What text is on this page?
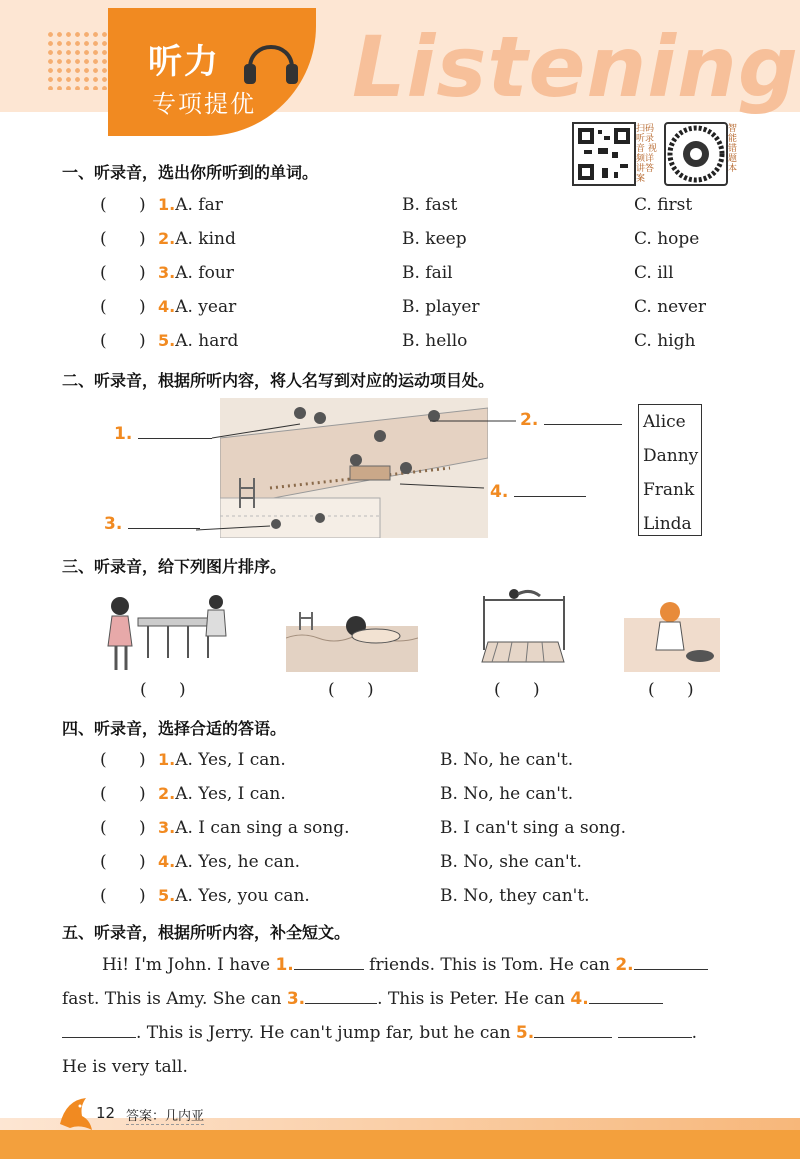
Listening
听力
专项提优
扫码听录音 视频详讲答案
智能错题本
一、听录音，选出你所听到的单词。
(      ) 1.A. far	B. fast	C. first
(      ) 2.A. kind	B. keep	C. hope
(      ) 3.A. four	B. fail	C. ill
(      ) 4.A. year	B. player	C. never
(      ) 5.A. hard	B. hello	C. high
二、听录音，根据所听内容，将人名写到对应的运动项目处。
1.
2.
3.
4.
Alice
Danny
Frank
Linda
三、听录音，给下列图片排序。
(      )	(      )	(      )	(      )
四、听录音，选择合适的答语。
(      ) 1.A. Yes, I can.	B. No, he can't.
(      ) 2.A. Yes, I can.	B. No, he can't.
(      ) 3.A. I can sing a song.	B. I can't sing a song.
(      ) 4.A. Yes, he can.	B. No, she can't.
(      ) 5.A. Yes, you can.	B. No, they can't.
五、听录音，根据所听内容，补全短文。
Hi! I'm John. I have 1.	friends. This is Tom. He can 2.
fast. This is Amy. She can 3.	. This is Peter. He can 4.
. This is Jerry. He can't jump far, but he can 5.	.
He is very tall.
12 答案：几内亚
